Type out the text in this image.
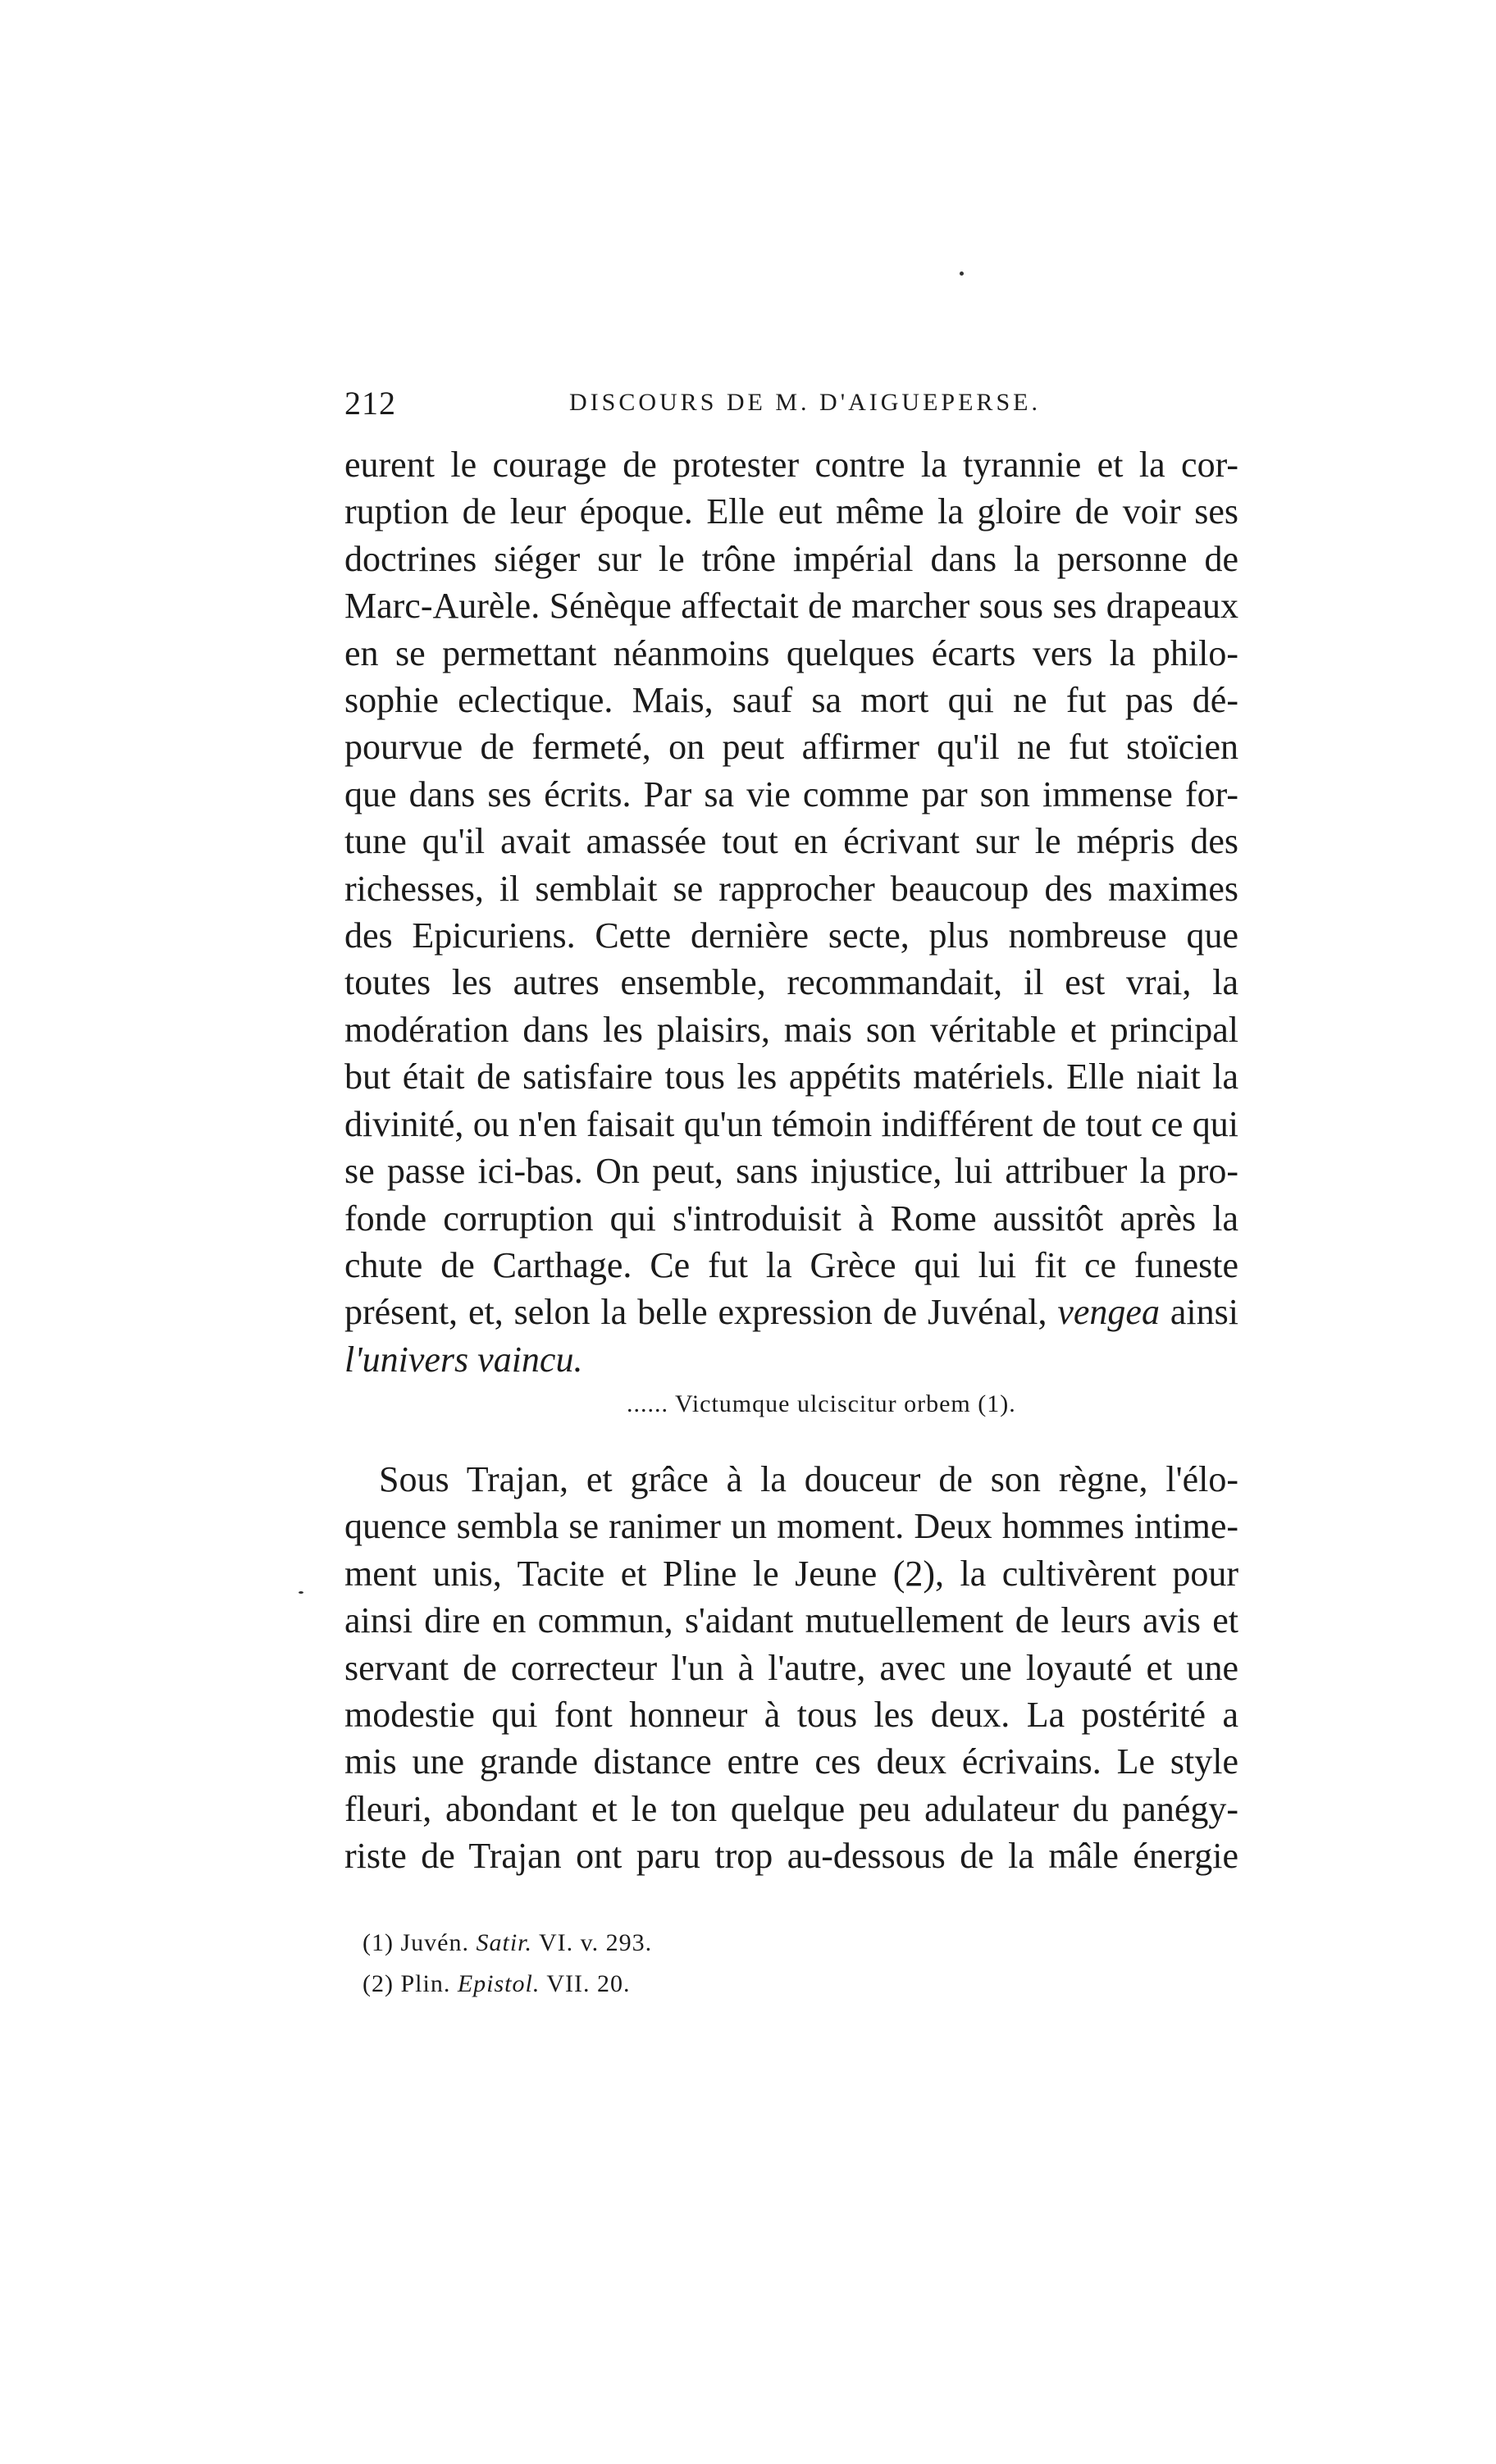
212	DISCOURS DE M. D'AIGUEPERSE.
eurent le courage de protester contre la tyrannie et la cor-
ruption de leur époque. Elle eut même la gloire de voir ses
doctrines siéger sur le trône impérial dans la personne de
Marc-Aurèle. Sénèque affectait de marcher sous ses drapeaux
en se permettant néanmoins quelques écarts vers la philo-
sophie eclectique. Mais, sauf sa mort qui ne fut pas dé-
pourvue de fermeté, on peut affirmer qu'il ne fut stoïcien
que dans ses écrits. Par sa vie comme par son immense for-
tune qu'il avait amassée tout en écrivant sur le mépris des
richesses, il semblait se rapprocher beaucoup des maximes
des Epicuriens. Cette dernière secte, plus nombreuse que
toutes les autres ensemble, recommandait, il est vrai, la
modération dans les plaisirs, mais son véritable et principal
but était de satisfaire tous les appétits matériels. Elle niait la
divinité, ou n'en faisait qu'un témoin indifférent de tout ce qui
se passe ici-bas. On peut, sans injustice, lui attribuer la pro-
fonde corruption qui s'introduisit à Rome aussitôt après la
chute de Carthage. Ce fut la Grèce qui lui fit ce funeste
présent, et, selon la belle expression de Juvénal, vengea ainsi
l'univers vaincu.
...... Victumque ulciscitur orbem (1).
Sous Trajan, et grâce à la douceur de son règne, l'élo-
quence sembla se ranimer un moment. Deux hommes intime-
ment unis, Tacite et Pline le Jeune (2), la cultivèrent pour
ainsi dire en commun, s'aidant mutuellement de leurs avis et
servant de correcteur l'un à l'autre, avec une loyauté et une
modestie qui font honneur à tous les deux. La postérité a
mis une grande distance entre ces deux écrivains. Le style
fleuri, abondant et le ton quelque peu adulateur du panégy-
riste de Trajan ont paru trop au-dessous de la mâle énergie
(1) Juvén. Satir. VI. v. 293.
(2) Plin. Epistol. VII. 20.
